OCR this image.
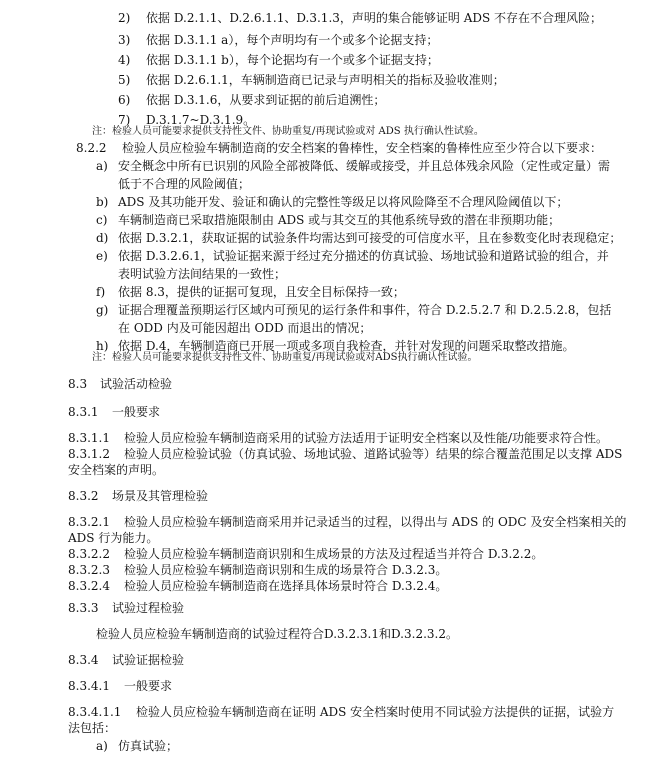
2) 依据 D.2.1.1、D.2.6.1.1、D.3.1.3，声明的集合能够证明 ADS 不存在不合理风险；
3) 依据 D.3.1.1 a），每个声明均有一个或多个论据支持；
4) 依据 D.3.1.1 b），每个论据均有一个或多个证据支持；
5) 依据 D.2.6.1.1，车辆制造商已记录与声明相关的指标及验收准则；
6) 依据 D.3.1.6，从要求到证据的前后追溯性；
7) D.3.1.7~D.3.1.9。
注：检验人员可能要求提供支持性文件、协助重复/再现试验或对 ADS 执行确认性试验。
8.2.2 检验人员应检验车辆制造商的安全档案的鲁棒性，安全档案的鲁棒性应至少符合以下要求：
a) 安全概念中所有已识别的风险全部被降低、缓解或接受，并且总体残余风险（定性或定量）需
低于不合理的风险阈值；
b) ADS 及其功能开发、验证和确认的完整性等级足以将风险降至不合理风险阈值以下；
c) 车辆制造商已采取措施限制由 ADS 或与其交互的其他系统导致的潜在非预期功能；
d) 依据 D.3.2.1，获取证据的试验条件均需达到可接受的可信度水平，且在参数变化时表现稳定；
e) 依据 D.3.2.6.1，试验证据来源于经过充分描述的仿真试验、场地试验和道路试验的组合，并
表明试验方法间结果的一致性；
f) 依据 8.3，提供的证据可复现，且安全目标保持一致；
g) 证据合理覆盖预期运行区域内可预见的运行条件和事件，符合 D.2.5.2.7 和 D.2.5.2.8，包括
在 ODD 内及可能因超出 ODD 而退出的情况；
h) 依据 D.4，车辆制造商已开展一项或多项自我检查，并针对发现的问题采取整改措施。
注：检验人员可能要求提供支持性文件、协助重复/再现试验或对ADS执行确认性试验。
8.3 试验活动检验
8.3.1 一般要求
8.3.1.1 检验人员应检验车辆制造商采用的试验方法适用于证明安全档案以及性能/功能要求符合性。
8.3.1.2 检验人员应检验试验（仿真试验、场地试验、道路试验等）结果的综合覆盖范围足以支撑 ADS
安全档案的声明。
8.3.2 场景及其管理检验
8.3.2.1 检验人员应检验车辆制造商采用并记录适当的过程，以得出与 ADS 的 ODC 及安全档案相关的
ADS 行为能力。
8.3.2.2 检验人员应检验车辆制造商识别和生成场景的方法及过程适当并符合 D.3.2.2。
8.3.2.3 检验人员应检验车辆制造商识别和生成的场景符合 D.3.2.3。
8.3.2.4 检验人员应检验车辆制造商在选择具体场景时符合 D.3.2.4。
8.3.3 试验过程检验
检验人员应检验车辆制造商的试验过程符合D.3.2.3.1和D.3.2.3.2。
8.3.4 试验证据检验
8.3.4.1 一般要求
8.3.4.1.1 检验人员应检验车辆制造商在证明 ADS 安全档案时使用不同试验方法提供的证据，试验方
法包括：
a) 仿真试验；
